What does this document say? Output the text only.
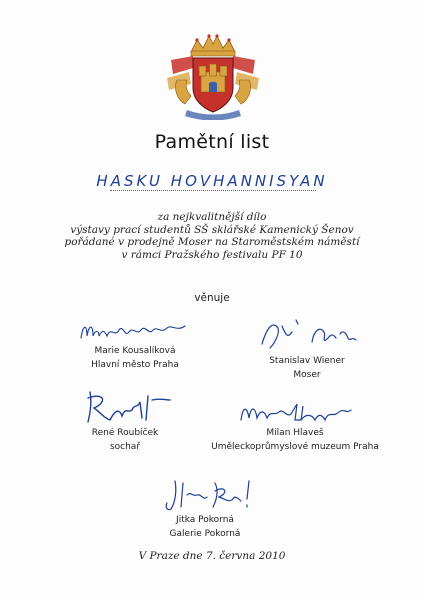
Pamětní list
HASKU HOVHANNISYAN
za nejkvalitnější dílo
výstavy prací studentů SŠ sklářské Kamenický Šenov
pořádané v prodejně Moser na Staroměstském náměstí
v rámci Pražského festivalu PF 10
věnuje
Marie Kousalíková
Hlavní město Praha	Stanislav Wiener
Moser
René Roubíček
sochař
Milan Hlaveš
Uměleckoprůmyslové muzeum Praha
Jitka Pokorná
Galerie Pokorná
V Praze dne 7. června 2010
